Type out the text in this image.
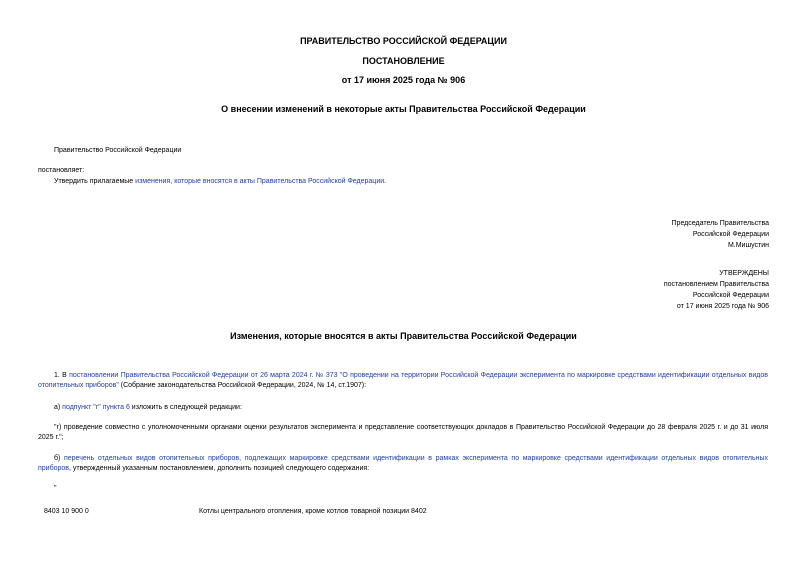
ПРАВИТЕЛЬСТВО РОССИЙСКОЙ ФЕДЕРАЦИИ
ПОСТАНОВЛЕНИЕ
от 17 июня 2025 года № 906
О внесении изменений в некоторые акты Правительства Российской Федерации
Правительство Российской Федерации
постановляет:
Утвердить прилагаемые изменения, которые вносятся в акты Правительства Российской Федерации.
Председатель Правительства
Российской Федерации
М.Мишустин
УТВЕРЖДЕНЫ
постановлением Правительства
Российской Федерации
от 17 июня 2025 года № 906
Изменения, которые вносятся в акты Правительства Российской Федерации
1. В постановлении Правительства Российской Федерации от 26 марта 2024 г. № 373 "О проведении на территории Российской Федерации эксперимента по маркировке средствами идентификации отдельных видов отопительных приборов" (Собрание законодательства Российской Федерации, 2024, № 14, ст.1907):
а) подпункт "г" пункта 6 изложить в следующей редакции:
"г) проведение совместно с уполномоченными органами оценки результатов эксперимента и представление соответствующих докладов в Правительство Российской Федерации до 28 февраля 2025 г. и до 31 июля 2025 г.";
б) перечень отдельных видов отопительных приборов, подлежащих маркировке средствами идентификации в рамках эксперимента по маркировке средствами идентификации отдельных видов отопительных приборов, утвержденный указанным постановлением, дополнить позицией следующего содержания:
"
8403 10 900 0	Котлы центрального отопления, кроме котлов товарной позиции 8402
